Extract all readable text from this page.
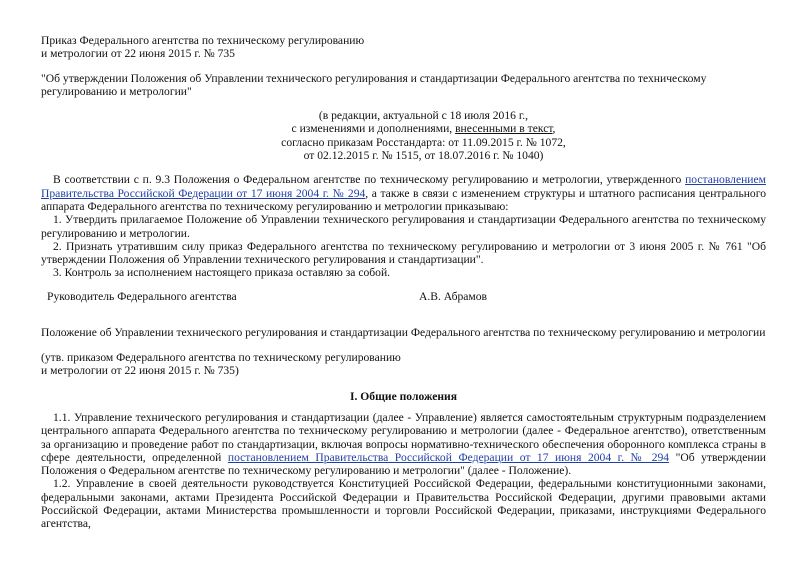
Приказ Федерального агентства по техническому регулированию

и метрологии от 22 июня 2015 г. № 735

"Об утверждении Положения об Управлении технического регулирования и стандартизации Федерального агентства по техническому регулированию и метрологии"

(в редакции, актуальной с 18 июля 2016 г.,

с изменениями и дополнениями, внесенными в текст,

согласно приказам Росстандарта: от 11.09.2015 г. № 1072,

от 02.12.2015 г. № 1515, от 18.07.2016 г. № 1040)

В соответствии с п. 9.3 Положения о Федеральном агентстве по техническому регулированию и метрологии, утвержденного постановлением Правительства Российской Федерации от 17 июня 2004 г. № 294, а также в связи с изменением структуры и штатного расписания центрального аппарата Федерального агентства по техническому регулированию и метрологии приказываю:

1. Утвердить прилагаемое Положение об Управлении технического регулирования и стандартизации Федерального агентства по техническому регулированию и метрологии.

2. Признать утратившим силу приказ Федерального агентства по техническому регулированию и метрологии от 3 июня 2005 г. № 761 "Об утверждении Положения об Управлении технического регулирования и стандартизации".

3. Контроль за исполнением настоящего приказа оставляю за собой.

Руководитель Федерального агентства	А.В. Абрамов

Положение об Управлении технического регулирования и стандартизации Федерального агентства по техническому регулированию и метрологии

(утв. приказом Федерального агентства по техническому регулированию

и метрологии от 22 июня 2015 г. № 735)

I. Общие положения

1.1. Управление технического регулирования и стандартизации (далее - Управление) является самостоятельным структурным подразделением центрального аппарата Федерального агентства по техническому регулированию и метрологии (далее - Федеральное агентство), ответственным за организацию и проведение работ по стандартизации, включая вопросы нормативно-технического обеспечения оборонного комплекса страны в сфере деятельности, определенной постановлением Правительства Российской Федерации от 17 июня 2004 г. № 294 "Об утверждении Положения о Федеральном агентстве по техническому регулированию и метрологии" (далее - Положение).

1.2. Управление в своей деятельности руководствуется Конституцией Российской Федерации, федеральными конституционными законами, федеральными законами, актами Президента Российской Федерации и Правительства Российской Федерации, другими правовыми актами Российской Федерации, актами Министерства промышленности и торговли Российской Федерации, приказами, инструкциями Федерального агентства,
